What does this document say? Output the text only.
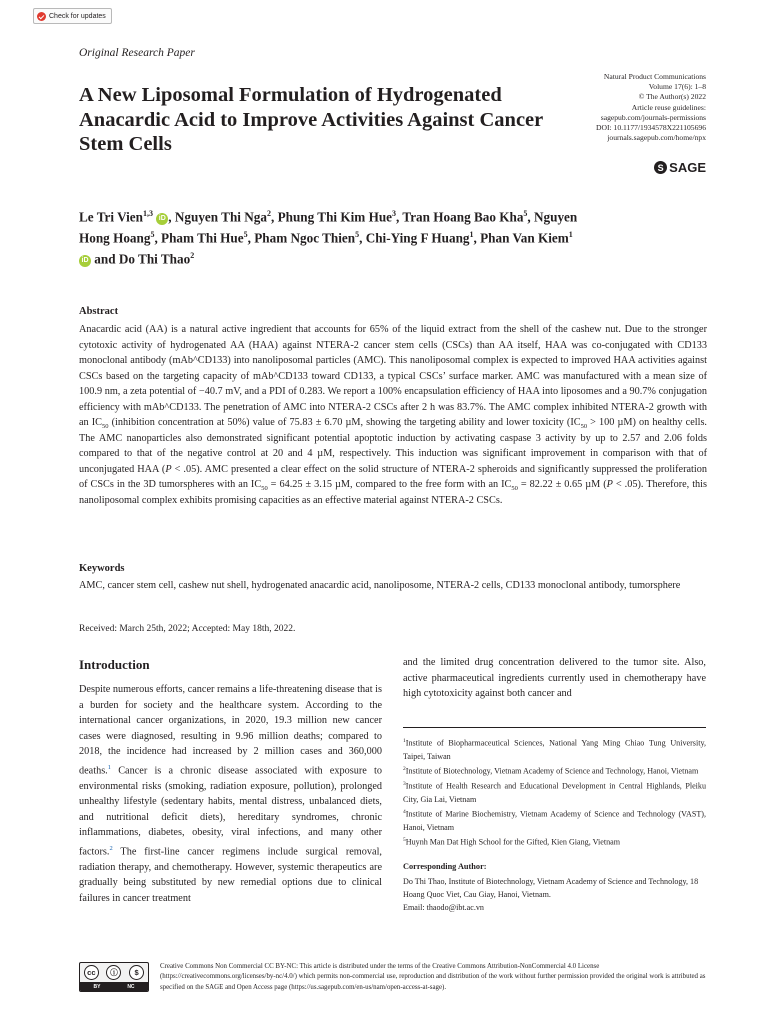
Check for updates
Original Research Paper
A New Liposomal Formulation of Hydrogenated Anacardic Acid to Improve Activities Against Cancer Stem Cells
Natural Product Communications
Volume 17(6): 1–8
© The Author(s) 2022
Article reuse guidelines:
sagepub.com/journals-permissions
DOI: 10.1177/1934578X221105696
journals.sagepub.com/home/npx
S SAGE
Le Tri Vien$^{1,3}$ iD , Nguyen Thi Nga$^2$, Phung Thi Kim Hue$^3$, Tran Hoang Bao Kha$^5$, Nguyen Hong Hoang$^5$, Pham Thi Hue$^5$, Pham Ngoc Thien$^5$, Chi-Ying F Huang$^1$, Phan Van Kiem$^1$ iD and Do Thi Thao$^2$
Abstract
Anacardic acid (AA) is a natural active ingredient that accounts for 65% of the liquid extract from the shell of the cashew nut. Due to the stronger cytotoxic activity of hydrogenated AA (HAA) against NTERA-2 cancer stem cells (CSCs) than AA itself, HAA was co-conjugated with CD133 monoclonal antibody (mAb^CD133) into nanoliposomal particles (AMC). This nanoliposomal complex is expected to improved HAA activities against CSCs based on the targeting capacity of mAb^CD133 toward CD133, a typical CSCs’ surface marker. AMC was manufactured with a mean size of 100.9 nm, a zeta potential of −40.7 mV, and a PDI of 0.283. We report a 100% encapsulation efficiency of HAA into liposomes and a 90.7% conjugation efficiency with mAb^CD133. The penetration of AMC into NTERA-2 CSCs after 2 h was 83.7%. The AMC complex inhibited NTERA-2 growth with an $IC_{50}$ (inhibition concentration at 50%) value of 75.83 ± 6.70 µM, showing the targeting ability and lower toxicity ($IC_{50} > 100$ µM) on healthy cells. The AMC nanoparticles also demonstrated significant potential apoptotic induction by activating caspase 3 activity by up to 2.57 and 2.06 folds compared to that of the negative control at 20 and 4 µM, respectively. This induction was significant improvement in comparison with that of unconjugated HAA (P < .05). AMC presented a clear effect on the solid structure of NTERA-2 spheroids and significantly suppressed the proliferation of CSCs in the 3D tumorspheres with an $IC_{50} = 64.25 \pm 3.15$ µM, compared to the free form with an $IC_{50} = 82.22 \pm 0.65$ µM (P < .05). Therefore, this nanoliposomal complex exhibits promising capacities as an effective material against NTERA-2 CSCs.
Keywords
AMC, cancer stem cell, cashew nut shell, hydrogenated anacardic acid, nanoliposome, NTERA-2 cells, CD133 monoclonal antibody, tumorsphere
Received: March 25th, 2022; Accepted: May 18th, 2022.
Introduction
Despite numerous efforts, cancer remains a life-threatening disease that is a burden for society and the healthcare system. According to the international cancer organizations, in 2020, 19.3 million new cancer cases were diagnosed, resulting in 9.96 million deaths; compared to 2018, the incidence had increased by 2 million cases and 360,000 deaths.$^1$ Cancer is a chronic disease associated with exposure to environmental risks (smoking, radiation exposure, pollution), prolonged unhealthy lifestyle (sedentary habits, mental distress, unbalanced diets, and nutritional deficit diets), hereditary syndromes, chronic inflammations, diabetes, obesity, viral infections, and many other factors.$^2$ The first-line cancer regimens include surgical removal, radiation therapy, and chemotherapy. However, systemic therapeutics are gradually being substituted by new remedial options due to clinical failures in cancer treatment
and the limited drug concentration delivered to the tumor site. Also, active pharmaceutical ingredients currently used in chemotherapy have high cytotoxicity against both cancer and
$^1$Institute of Biopharmaceutical Sciences, National Yang Ming Chiao Tung University, Taipei, Taiwan
$^2$Institute of Biotechnology, Vietnam Academy of Science and Technology, Hanoi, Vietnam
$^3$Institute of Health Research and Educational Development in Central Highlands, Pleiku City, Gia Lai, Vietnam
$^4$Institute of Marine Biochemistry, Vietnam Academy of Science and Technology (VAST), Hanoi, Vietnam
$^5$Huynh Man Dat High School for the Gifted, Kien Giang, Vietnam
Corresponding Author:
Do Thi Thao, Institute of Biotechnology, Vietnam Academy of Science and Technology, 18 Hoang Quoc Viet, Cau Giay, Hanoi, Vietnam.
Email: thaodo@ibt.ac.vn
cc	ⓘ	$
BY	NC
Creative Commons Non Commercial CC BY-NC: This article is distributed under the terms of the Creative Commons Attribution-NonCommercial 4.0 License (https://creativecommons.org/licenses/by-nc/4.0/) which permits non-commercial use, reproduction and distribution of the work without further permission provided the original work is attributed as specified on the SAGE and Open Access page (https://us.sagepub.com/en-us/nam/open-access-at-sage).
